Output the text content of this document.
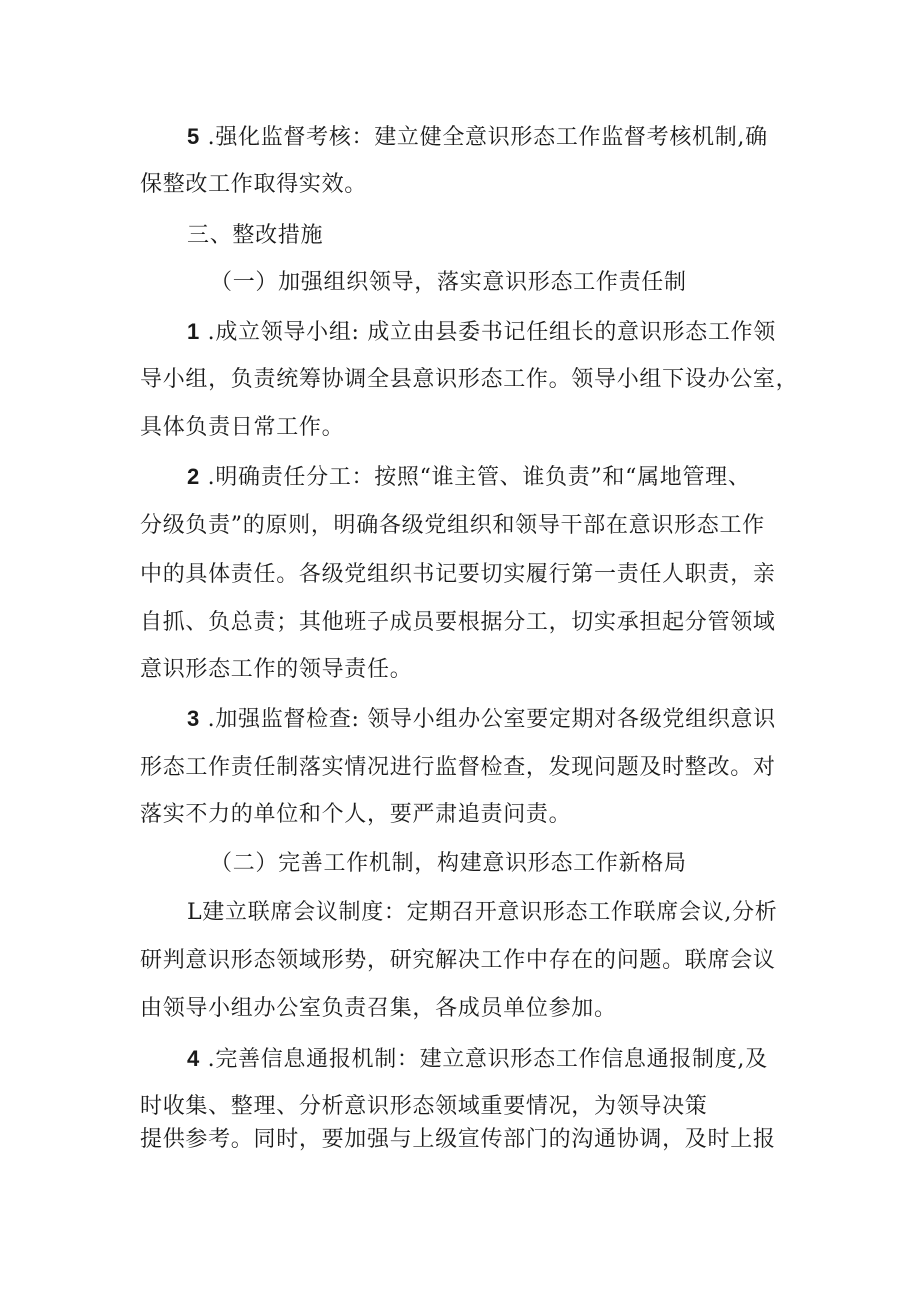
5 .强化监督考核：建立健全意识形态工作监督考核机制,确
保整改工作取得实效。
三、整改措施
（一）加强组织领导，落实意识形态工作责任制
1 .成立领导小组: 成立由县委书记任组长的意识形态工作领
导小组，负责统筹协调全县意识形态工作。领导小组下设办公室，
具体负责日常工作。
2 .明确责任分工：按照“谁主管、谁负责”和“属地管理、
分级负责”的原则，明确各级党组织和领导干部在意识形态工作
中的具体责任。各级党组织书记要切实履行第一责任人职责，亲
自抓、负总责；其他班子成员要根据分工，切实承担起分管领域
意识形态工作的领导责任。
3 .加强监督检查: 领导小组办公室要定期对各级党组织意识
形态工作责任制落实情况进行监督检查，发现问题及时整改。对
落实不力的单位和个人，要严肃追责问责。
（二）完善工作机制，构建意识形态工作新格局
L建立联席会议制度：定期召开意识形态工作联席会议,分析
研判意识形态领域形势，研究解决工作中存在的问题。联席会议
由领导小组办公室负责召集，各成员单位参加。
4 .完善信息通报机制：建立意识形态工作信息通报制度,及
时收集、整理、分析意识形态领域重要情况，为领导决策
提供参考。同时，要加强与上级宣传部门的沟通协调，及时上报
